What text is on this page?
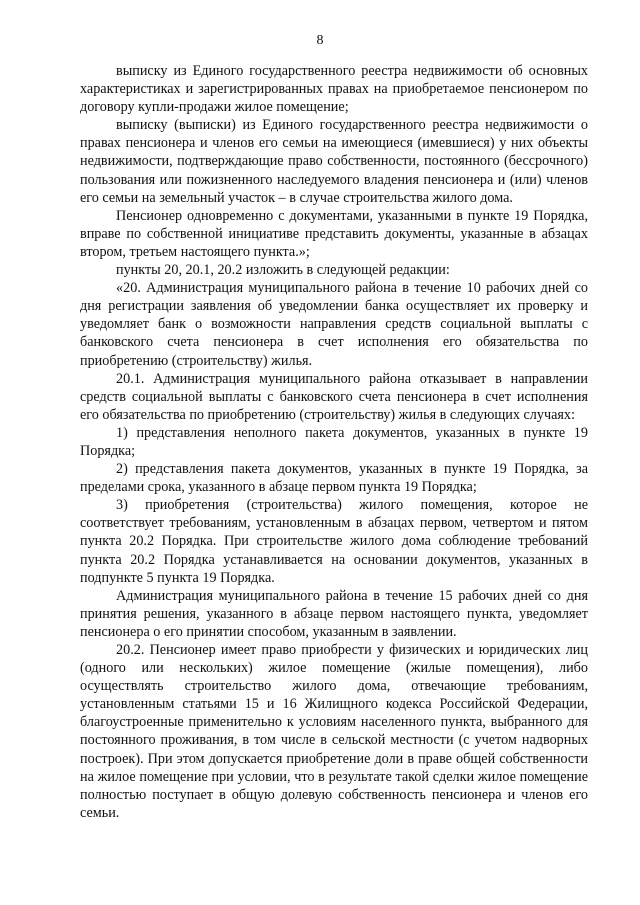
8

выписку из Единого государственного реестра недвижимости об основных характеристиках и зарегистрированных правах на приобретаемое пенсионером по договору купли-продажи жилое помещение;

выписку (выписки) из Единого государственного реестра недвижимости о правах пенсионера и членов его семьи на имеющиеся (имевшиеся) у них объекты недвижимости, подтверждающие право собственности, постоянного (бессрочного) пользования или пожизненного наследуемого владения пенсионера и (или) членов его семьи на земельный участок – в случае строительства жилого дома.

Пенсионер одновременно с документами, указанными в пункте 19 Порядка, вправе по собственной инициативе представить документы, указанные в абзацах втором, третьем настоящего пункта.»;

пункты 20, 20.1, 20.2 изложить в следующей редакции:

«20. Администрация муниципального района в течение 10 рабочих дней со дня регистрации заявления об уведомлении банка осуществляет их проверку и уведомляет банк о возможности направления средств социальной выплаты с банковского счета пенсионера в счет исполнения его обязательства по приобретению (строительству) жилья.

20.1. Администрация муниципального района отказывает в направлении средств социальной выплаты с банковского счета пенсионера в счет исполнения его обязательства по приобретению (строительству) жилья в следующих случаях:

1) представления неполного пакета документов, указанных в пункте 19 Порядка;

2) представления пакета документов, указанных в пункте 19 Порядка, за пределами срока, указанного в абзаце первом пункта 19 Порядка;

3) приобретения (строительства) жилого помещения, которое не соответствует требованиям, установленным в абзацах первом, четвертом и пятом пункта 20.2 Порядка. При строительстве жилого дома соблюдение требований пункта 20.2 Порядка устанавливается на основании документов, указанных в подпункте 5 пункта 19 Порядка.

Администрация муниципального района в течение 15 рабочих дней со дня принятия решения, указанного в абзаце первом настоящего пункта, уведомляет пенсионера о его принятии способом, указанным в заявлении.

20.2. Пенсионер имеет право приобрести у физических и юридических лиц (одного или нескольких) жилое помещение (жилые помещения), либо осуществлять строительство жилого дома, отвечающие требованиям, установленным статьями 15 и 16 Жилищного кодекса Российской Федерации, благоустроенные применительно к условиям населенного пункта, выбранного для постоянного проживания, в том числе в сельской местности (с учетом надворных построек). При этом допускается приобретение доли в праве общей собственности на жилое помещение при условии, что в результате такой сделки жилое помещение полностью поступает в общую долевую собственность пенсионера и членов его семьи.
